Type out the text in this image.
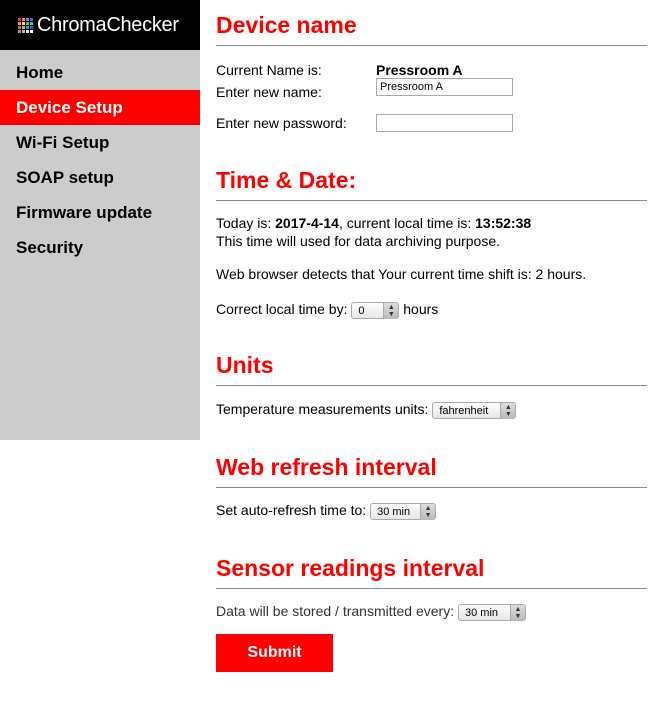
ChromaChecker
Home
Device Setup
Wi-Fi Setup
SOAP setup
Firmware update
Security
Device name
Current Name is:	Pressroom A
Enter new name:
Pressroom A
Enter new password:
Time & Date:
Today is: 2017-4-14, current local time is: 13:52:38
This time will used for data archiving purpose.
Web browser detects that Your current time shift is: 2 hours.
Correct local time by: 0	▲
▼ hours
Units
Temperature measurements units: fahrenheit	▲
▼
Web refresh interval
Set auto-refresh time to: 30 min	▲
▼
Sensor readings interval
Data will be stored / transmitted every: 30 min	▲
▼
Submit
